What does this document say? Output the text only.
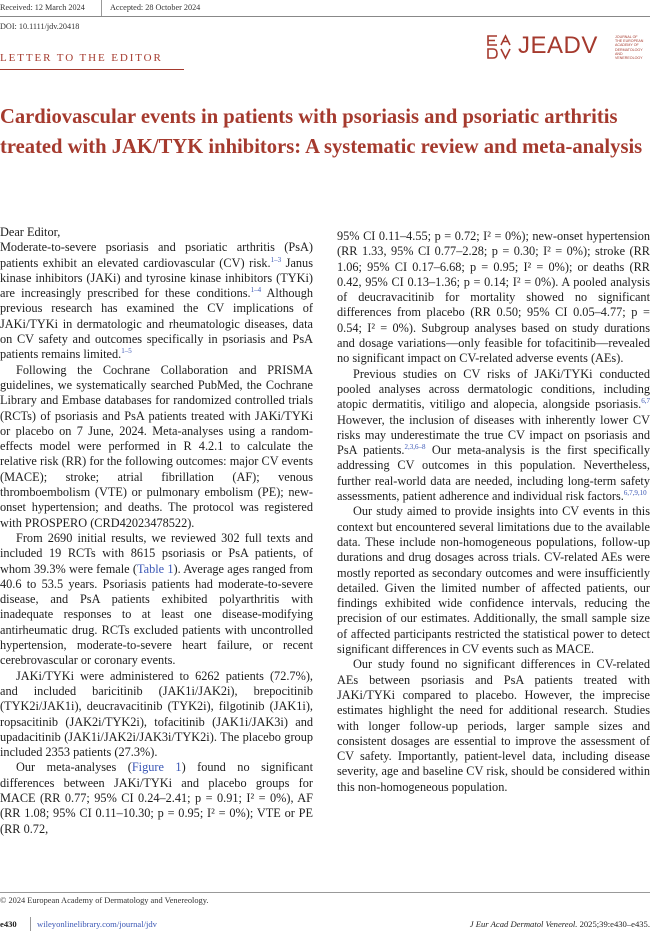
Received: 12 March 2024	Accepted: 28 October 2024
DOI: 10.1111/jdv.20418
JEADV	JOURNAL OF THE EUROPEAN ACADEMY OF DERMATOLOGY AND VENEREOLOGY
LETTER TO THE EDITOR
Cardiovascular events in patients with psoriasis and psoriatic arthritis treated with JAK/TYK inhibitors: A systematic review and meta-analysis

Dear Editor,

Moderate-to-severe psoriasis and psoriatic arthritis (PsA) patients exhibit an elevated cardiovascular (CV) risk.$^{1-3}$ Janus kinase inhibitors (JAKi) and tyrosine kinase inhibitors (TYKi) are increasingly prescribed for these conditions.$^{1-4}$ Although previous research has examined the CV implications of JAKi/TYKi in dermatologic and rheumatologic diseases, data on CV safety and outcomes specifically in psoriasis and PsA patients remains limited.$^{1-5}$

Following the Cochrane Collaboration and PRISMA guidelines, we systematically searched PubMed, the Cochrane Library and Embase databases for randomized controlled trials (RCTs) of psoriasis and PsA patients treated with JAKi/TYKi or placebo on 7 June, 2024. Meta-analyses using a random-effects model were performed in R 4.2.1 to calculate the relative risk (RR) for the following outcomes: major CV events (MACE); stroke; atrial fibrillation (AF); venous thromboembolism (VTE) or pulmonary embolism (PE); new-onset hypertension; and deaths. The protocol was registered with PROSPERO (CRD42023478522).

From 2690 initial results, we reviewed 302 full texts and included 19 RCTs with 8615 psoriasis or PsA patients, of whom 39.3% were female (Table 1). Average ages ranged from 40.6 to 53.5 years. Psoriasis patients had moderate-to-severe disease, and PsA patients exhibited polyarthritis with inadequate responses to at least one disease-modifying antirheumatic drug. RCTs excluded patients with uncontrolled hypertension, moderate-to-severe heart failure, or recent cerebrovascular or coronary events.

JAKi/TYKi were administered to 6262 patients (72.7%), and included baricitinib (JAK1i/JAK2i), brepocitinib (TYK2i/JAK1i), deucravacitinib (TYK2i), filgotinib (JAK1i), ropsacitinib (JAK2i/TYK2i), tofacitinib (JAK1i/JAK3i) and upadacitinib (JAK1i/JAK2i/JAK3i/TYK2i). The placebo group included 2353 patients (27.3%).

Our meta-analyses (Figure 1) found no significant differences between JAKi/TYKi and placebo groups for MACE (RR 0.77; 95% CI 0.24–2.41; p = 0.91; I² = 0%), AF (RR 1.08; 95% CI 0.11–10.30; p = 0.95; I² = 0%); VTE or PE (RR 0.72,

95% CI 0.11–4.55; p = 0.72; I² = 0%); new-onset hypertension (RR 1.33, 95% CI 0.77–2.28; p = 0.30; I² = 0%); stroke (RR 1.06; 95% CI 0.17–6.68; p = 0.95; I² = 0%); or deaths (RR 0.42, 95% CI 0.13–1.36; p = 0.14; I² = 0%). A pooled analysis of deucravacitinib for mortality showed no significant differences from placebo (RR 0.50; 95% CI 0.05–4.77; p = 0.54; I² = 0%). Subgroup analyses based on study durations and dosage variations—only feasible for tofacitinib—revealed no significant impact on CV-related adverse events (AEs).

Previous studies on CV risks of JAKi/TYKi conducted pooled analyses across dermatologic conditions, including atopic dermatitis, vitiligo and alopecia, alongside psoriasis.$^{6,7}$ However, the inclusion of diseases with inherently lower CV risks may underestimate the true CV impact on psoriasis and PsA patients.$^{2,3,6-8}$ Our meta-analysis is the first specifically addressing CV outcomes in this population. Nevertheless, further real-world data are needed, including long-term safety assessments, patient adherence and individual risk factors.$^{6,7,9,10}$

Our study aimed to provide insights into CV events in this context but encountered several limitations due to the available data. These include non-homogeneous populations, follow-up durations and drug dosages across trials. CV-related AEs were mostly reported as secondary outcomes and were insufficiently detailed. Given the limited number of affected patients, our findings exhibited wide confidence intervals, reducing the precision of our estimates. Additionally, the small sample size of affected participants restricted the statistical power to detect significant differences in CV events such as MACE.

Our study found no significant differences in CV-related AEs between psoriasis and PsA patients treated with JAKi/TYKi compared to placebo. However, the imprecise estimates highlight the need for additional research. Studies with longer follow-up periods, larger sample sizes and consistent dosages are essential to improve the assessment of CV safety. Importantly, patient-level data, including disease severity, age and baseline CV risk, should be considered within this non-homogeneous population.

© 2024 European Academy of Dermatology and Venereology.
e430 wileyonlinelibrary.com/journal/jdv	J Eur Acad Dermatol Venereol. 2025;39:e430–e435.
